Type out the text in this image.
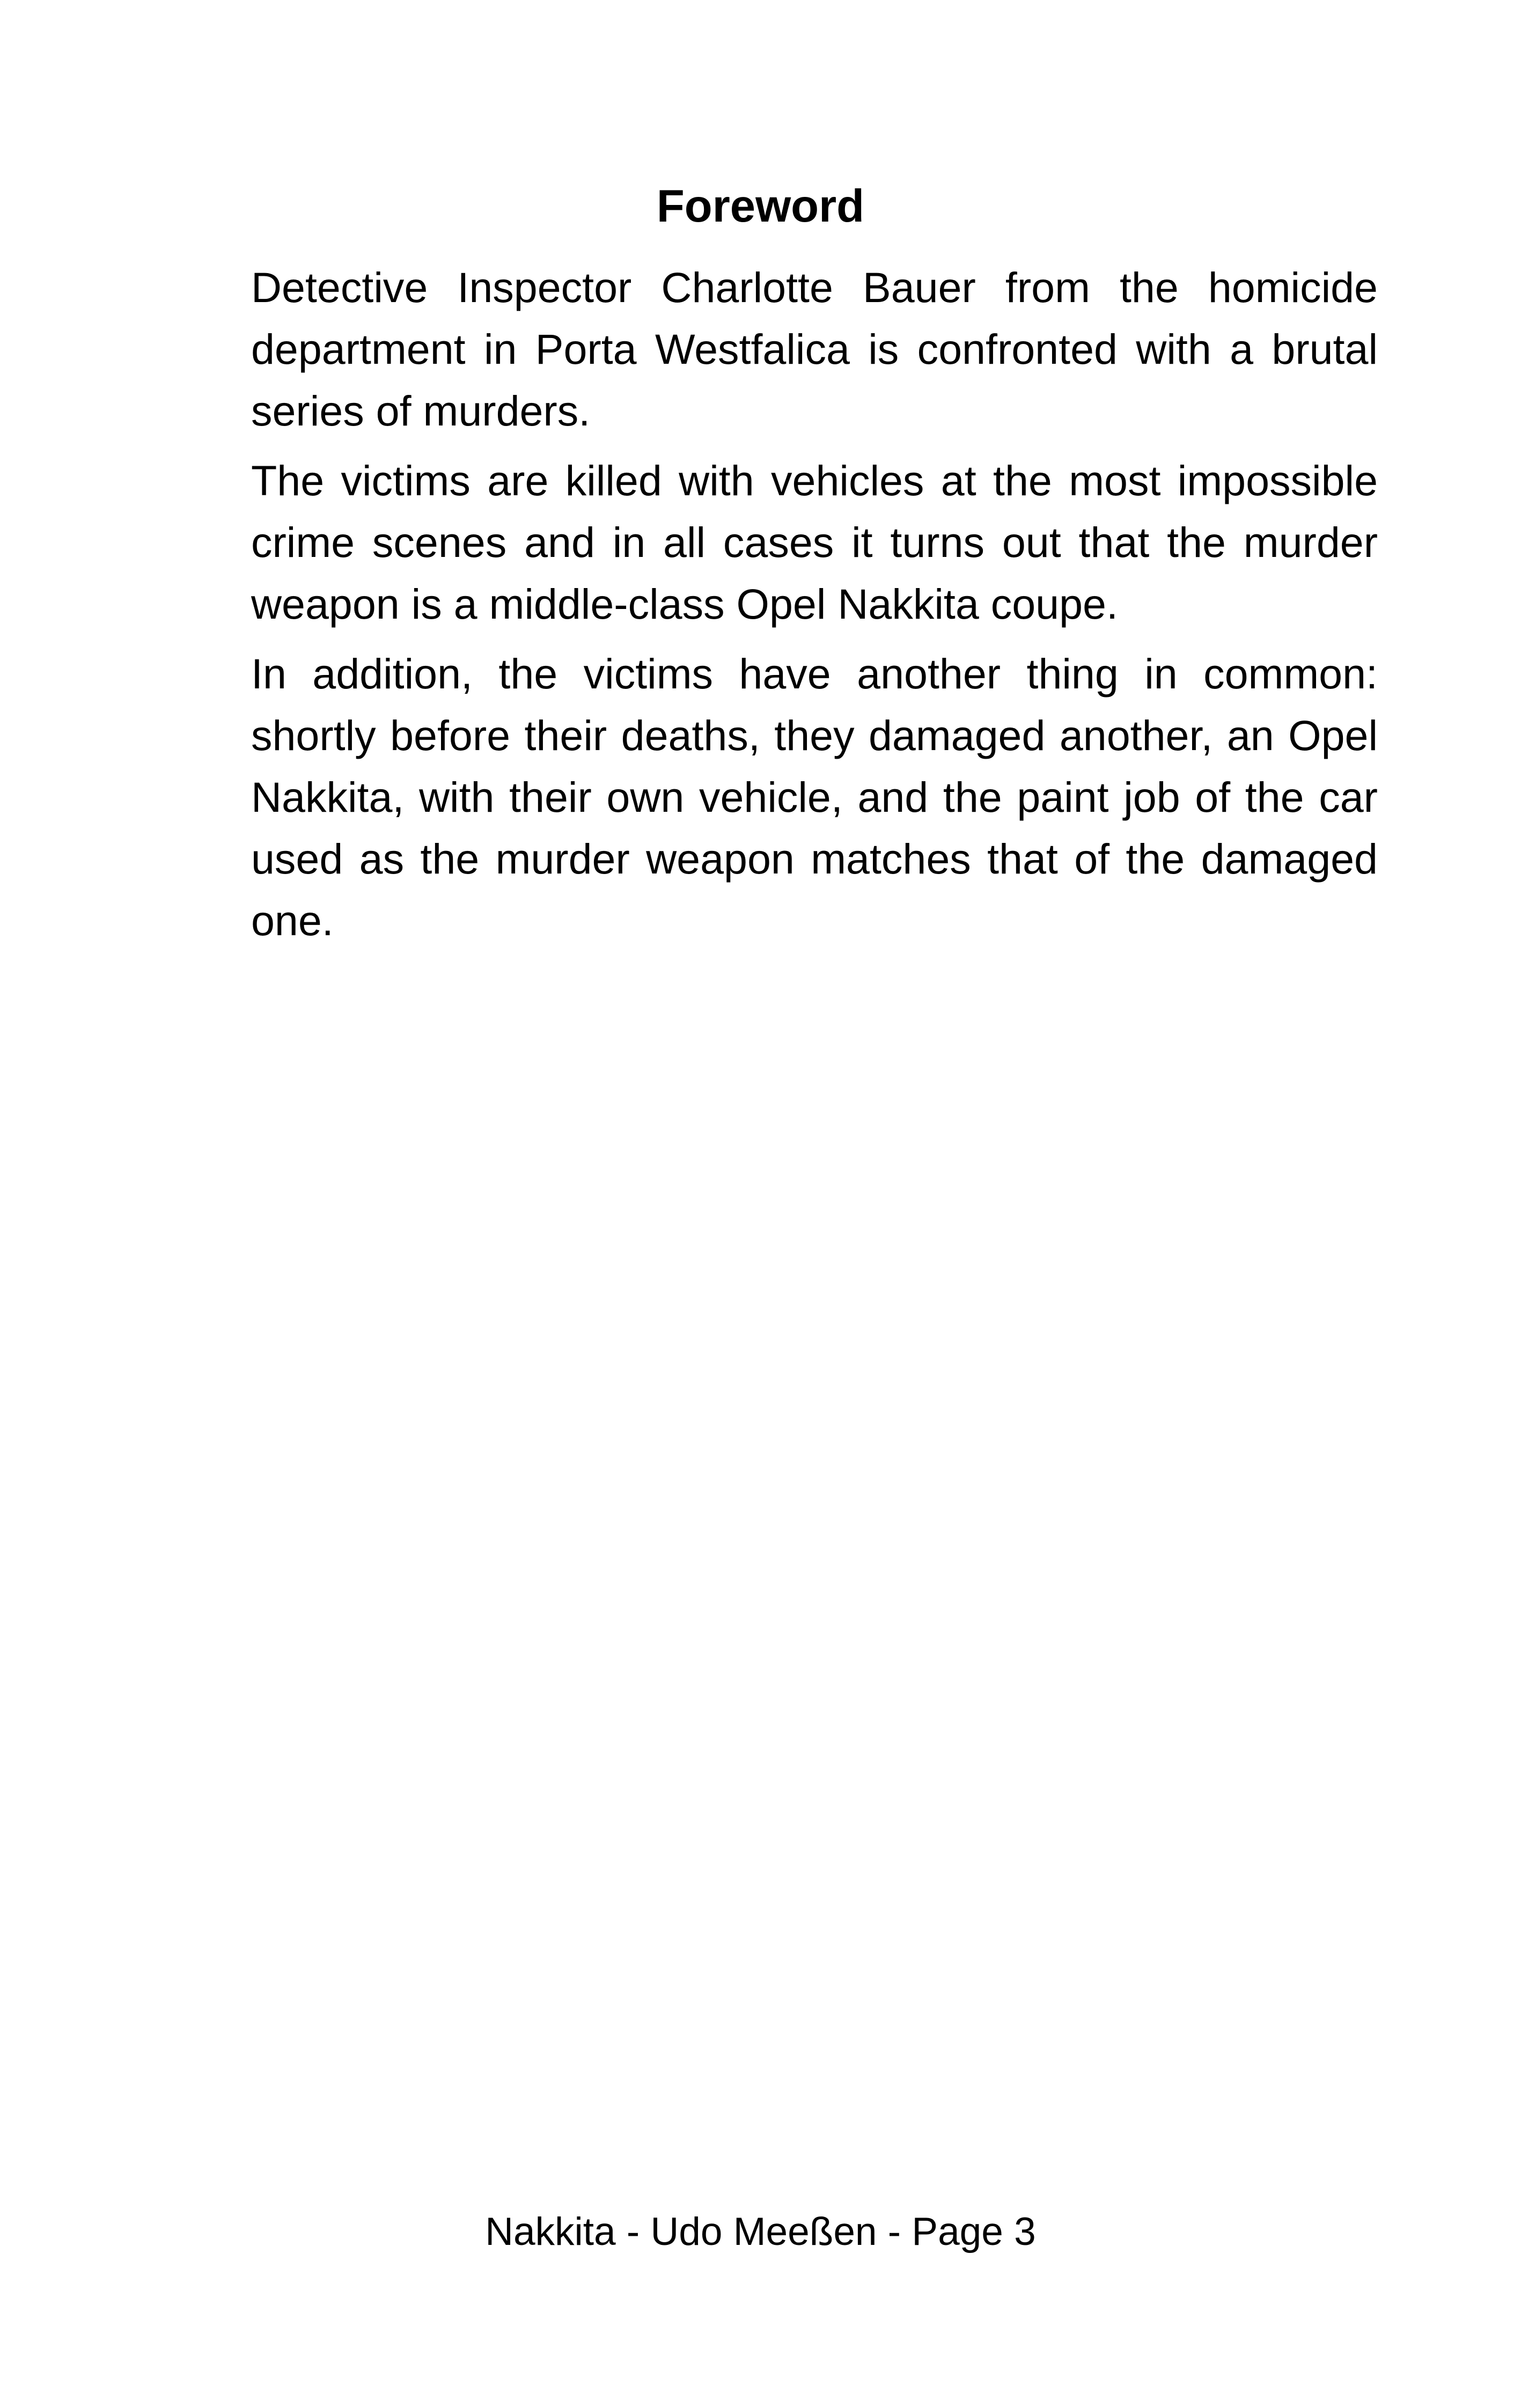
Foreword

Detective Inspector Charlotte Bauer from the homicide department in Porta Westfalica is confronted with a brutal series of murders.

The victims are killed with vehicles at the most impossible crime scenes and in all cases it turns out that the murder weapon is a middle-class Opel Nakkita coupe.

In addition, the victims have another thing in common: shortly before their deaths, they damaged another, an Opel Nakkita, with their own vehicle, and the paint job of the car used as the murder weapon matches that of the damaged one.

Nakkita - Udo Meeßen - Page 3
